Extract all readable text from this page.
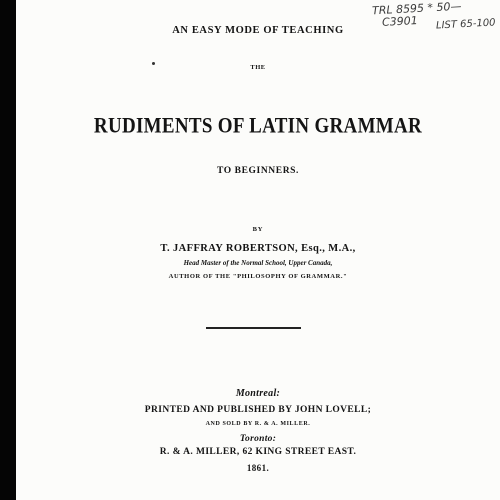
TRL 8595 * 50—
C3901 LIST 65-100
AN EASY MODE OF TEACHING
THE
RUDIMENTS OF LATIN GRAMMAR
TO BEGINNERS.
BY
T. JAFFRAY ROBERTSON, Esq., M.A.,
Head Master of the Normal School, Upper Canada,
AUTHOR OF THE "PHILOSOPHY OF GRAMMAR."
Montreal:
PRINTED AND PUBLISHED BY JOHN LOVELL;
AND SOLD BY R. & A. MILLER.
Toronto:
R. & A. MILLER, 62 KING STREET EAST.
1861.
